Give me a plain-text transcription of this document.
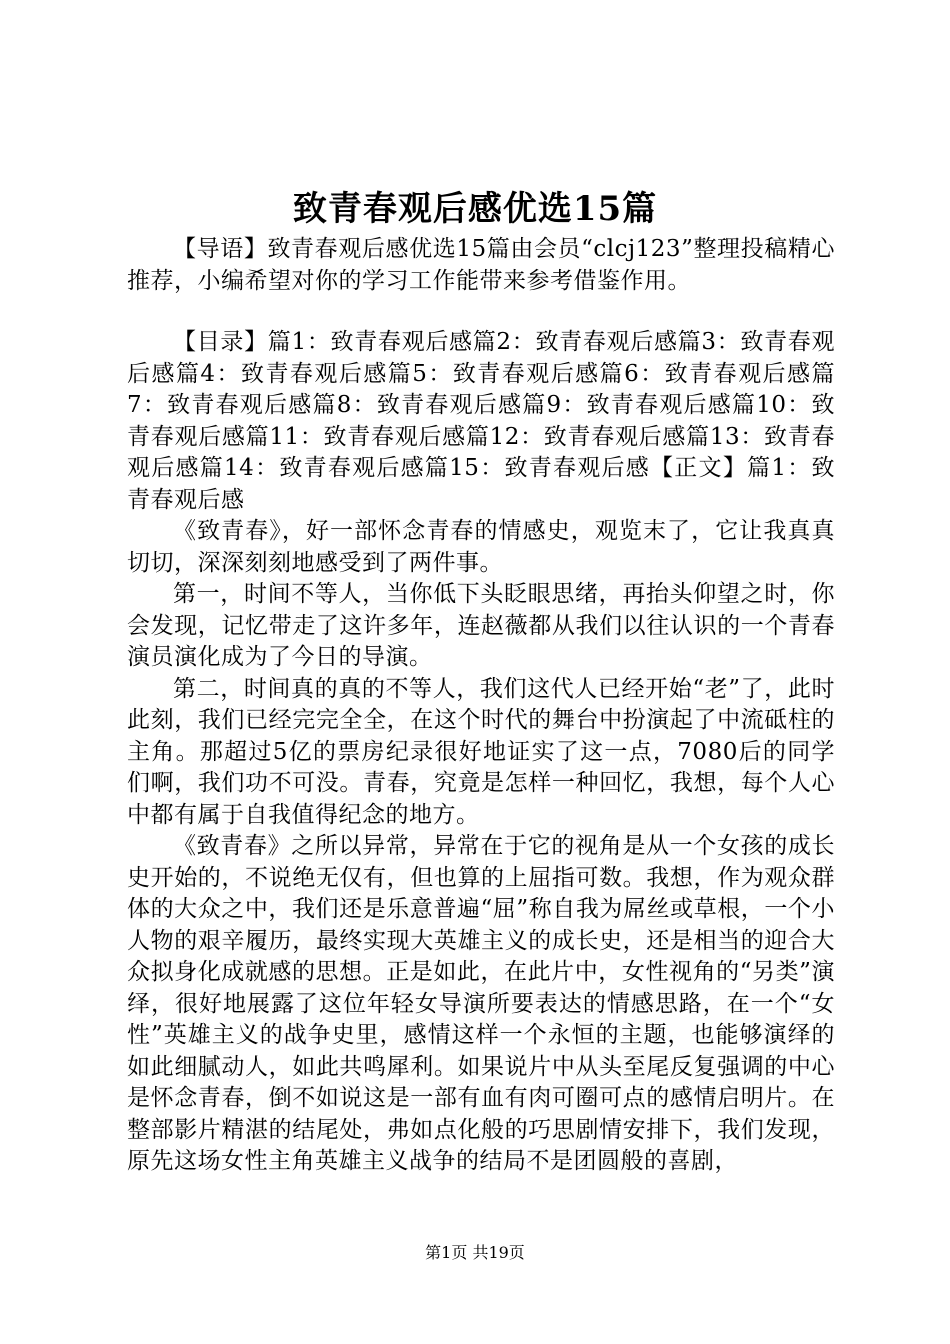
致青春观后感优选15篇

【导语】致青春观后感优选15篇由会员“clcj123”整理投稿精心推荐，小编希望对你的学习工作能带来参考借鉴作用。

【目录】篇1：致青春观后感篇2：致青春观后感篇3：致青春观后感篇4：致青春观后感篇5：致青春观后感篇6：致青春观后感篇7：致青春观后感篇8：致青春观后感篇9：致青春观后感篇10：致青春观后感篇11：致青春观后感篇12：致青春观后感篇13：致青春观后感篇14：致青春观后感篇15：致青春观后感【正文】篇1：致青春观后感

《致青春》，好一部怀念青春的情感史，观览末了，它让我真真切切，深深刻刻地感受到了两件事。

第一，时间不等人，当你低下头眨眼思绪，再抬头仰望之时，你会发现，记忆带走了这许多年，连赵薇都从我们以往认识的一个青春演员演化成为了今日的导演。

第二，时间真的真的不等人，我们这代人已经开始“老”了，此时此刻，我们已经完完全全，在这个时代的舞台中扮演起了中流砥柱的主角。那超过5亿的票房纪录很好地证实了这一点，7080后的同学们啊，我们功不可没。青春，究竟是怎样一种回忆，我想，每个人心中都有属于自我值得纪念的地方。

《致青春》之所以异常，异常在于它的视角是从一个女孩的成长史开始的，不说绝无仅有，但也算的上屈指可数。我想，作为观众群体的大众之中，我们还是乐意普遍“屈”称自我为屌丝或草根，一个小人物的艰辛履历，最终实现大英雄主义的成长史，还是相当的迎合大众拟身化成就感的思想。正是如此，在此片中，女性视角的“另类”演绎，很好地展露了这位年轻女导演所要表达的情感思路，在一个“女性”英雄主义的战争史里，感情这样一个永恒的主题，也能够演绎的如此细腻动人，如此共鸣犀利。如果说片中从头至尾反复强调的中心是怀念青春，倒不如说这是一部有血有肉可圈可点的感情启明片。在整部影片精湛的结尾处，弗如点化般的巧思剧情安排下，我们发现，原先这场女性主角英雄主义战争的结局不是团圆般的喜剧，

第1页 共19页
